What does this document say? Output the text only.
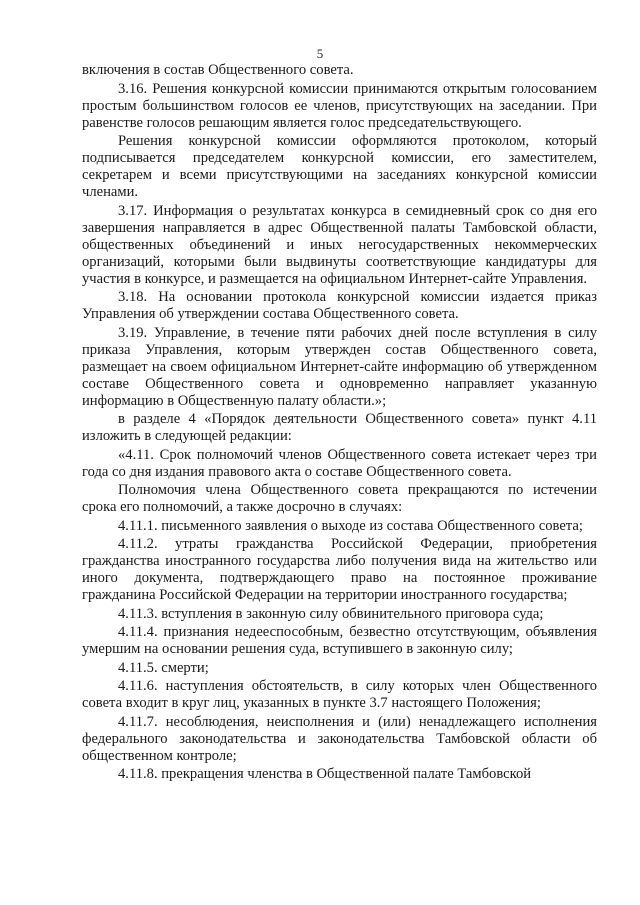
5

включения в состав Общественного совета.

3.16. Решения конкурсной комиссии принимаются открытым голосованием простым большинством голосов ее членов, присутствующих на заседании. При равенстве голосов решающим является голос председательствующего.

Решения конкурсной комиссии оформляются протоколом, который подписывается председателем конкурсной комиссии, его заместителем, секретарем и всеми присутствующими на заседаниях конкурсной комиссии членами.

3.17. Информация о результатах конкурса в семидневный срок со дня его завершения направляется в адрес Общественной палаты Тамбовской области, общественных объединений и иных негосударственных некоммерческих организаций, которыми были выдвинуты соответствующие кандидатуры для участия в конкурсе, и размещается на официальном Интернет-сайте Управления.

3.18. На основании протокола конкурсной комиссии издается приказ Управления об утверждении состава Общественного совета.

3.19. Управление, в течение пяти рабочих дней после вступления в силу приказа Управления, которым утвержден состав Общественного совета, размещает на своем официальном Интернет-сайте информацию об утвержденном составе Общественного совета и одновременно направляет указанную информацию в Общественную палату области.»;

в разделе 4 «Порядок деятельности Общественного совета» пункт 4.11 изложить в следующей редакции:

«4.11. Срок полномочий членов Общественного совета истекает через три года со дня издания правового акта о составе Общественного совета.

Полномочия члена Общественного совета прекращаются по истечении срока его полномочий, а также досрочно в случаях:

4.11.1. письменного заявления о выходе из состава Общественного совета;

4.11.2. утраты гражданства Российской Федерации, приобретения гражданства иностранного государства либо получения вида на жительство или иного документа, подтверждающего право на постоянное проживание гражданина Российской Федерации на территории иностранного государства;

4.11.3. вступления в законную силу обвинительного приговора суда;

4.11.4. признания недееспособным, безвестно отсутствующим, объявления умершим на основании решения суда, вступившего в законную силу;

4.11.5. смерти;

4.11.6. наступления обстоятельств, в силу которых член Общественного совета входит в круг лиц, указанных в пункте 3.7 настоящего Положения;

4.11.7. несоблюдения, неисполнения и (или) ненадлежащего исполнения федерального законодательства и законодательства Тамбовской области об общественном контроле;

4.11.8. прекращения членства в Общественной палате Тамбовской
